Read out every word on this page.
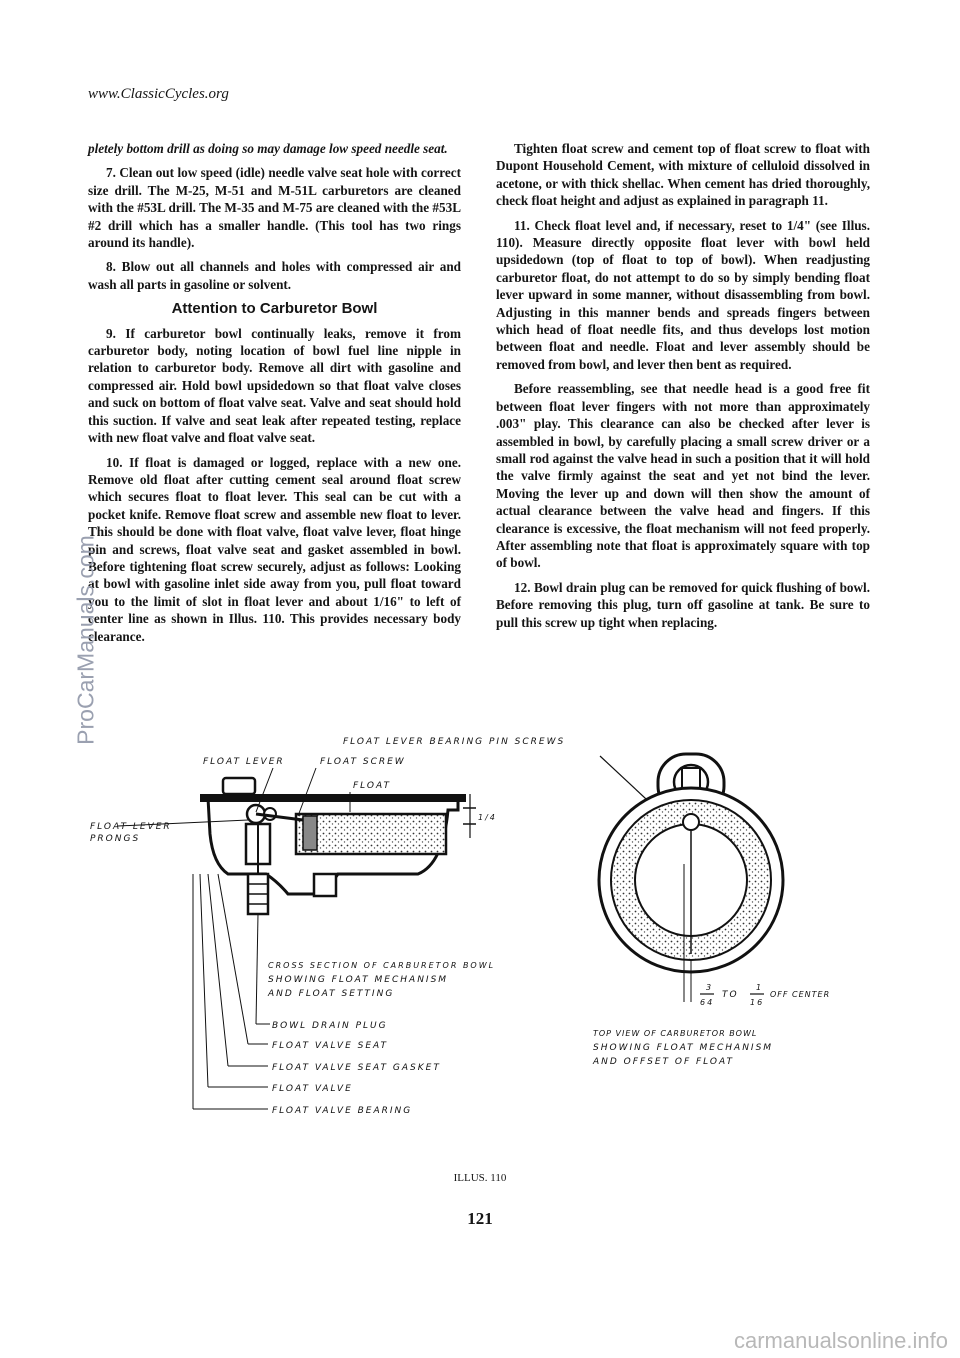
www.ClassicCycles.org

pletely bottom drill as doing so may damage low speed needle seat.

7. Clean out low speed (idle) needle valve seat hole with correct size drill. The M-25, M-51 and M-51L carburetors are cleaned with the #53L drill. The M-35 and M-75 are cleaned with the #53L #2 drill which has a smaller handle. (This tool has two rings around its handle).

8. Blow out all channels and holes with compressed air and wash all parts in gasoline or solvent.

Attention to Carburetor Bowl

9. If carburetor bowl continually leaks, remove it from carburetor body, noting location of bowl fuel line nipple in relation to carburetor body. Remove all dirt with gasoline and compressed air. Hold bowl upsidedown so that float valve closes and suck on bottom of float valve seat. Valve and seat should hold this suction. If valve and seat leak after repeated testing, replace with new float valve and float valve seat.

10. If float is damaged or logged, replace with a new one. Remove old float after cutting cement seal around float screw which secures float to float lever. This seal can be cut with a pocket knife. Remove float screw and assemble new float to lever. This should be done with float valve, float valve lever, float hinge pin and screws, float valve seat and gasket assembled in bowl. Before tightening float screw securely, adjust as follows: Looking at bowl with gasoline inlet side away from you, pull float toward you to the limit of slot in float lever and about 1/16" to left of center line as shown in Illus. 110. This provides necessary body clearance.

Tighten float screw and cement top of float screw to float with Dupont Household Cement, with mixture of celluloid dissolved in acetone, or with thick shellac. When cement has dried thoroughly, check float height and adjust as explained in paragraph 11.

11. Check float level and, if necessary, reset to 1/4" (see Illus. 110). Measure directly opposite float lever with bowl held upsidedown (top of float to top of bowl). When readjusting carburetor float, do not attempt to do so by simply bending float lever upward in some manner, without disassembling from bowl. Adjusting in this manner bends and spreads fingers between which head of float needle fits, and thus develops lost motion between float and needle. Float and lever assembly should be removed from bowl, and lever then bent as required.

Before reassembling, see that needle head is a good free fit between float lever fingers with not more than approximately .003" play. This clearance can also be checked after lever is assembled in bowl, by carefully placing a small screw driver or a small rod against the valve head in such a position that it will hold the valve firmly against the seat and yet not bind the lever. Moving the lever up and down will then show the amount of actual clearance between the valve head and fingers. If this clearance is excessive, the float mechanism will not feed properly. After assembling note that float is approximately square with top of bowl.

12. Bowl drain plug can be removed for quick flushing of bowl. Before removing this plug, turn off gasoline at tank. Be sure to pull this screw up tight when replacing.

ProCarManuals.com	FLOAT LEVER BEARING PIN SCREWS
1/4
FLOAT LEVER	FLOAT SCREW
FLOAT
FLOAT LEVER
PRONGS
CROSS SECTION OF CARBURETOR BOWL
SHOWING FLOAT MECHANISM
AND FLOAT SETTING
BOWL DRAIN PLUG
FLOAT VALVE SEAT
FLOAT VALVE SEAT GASKET
FLOAT VALVE
FLOAT VALVE BEARING
3
64
TO
1
16
OFF CENTER
TOP VIEW OF CARBURETOR BOWL
SHOWING FLOAT MECHANISM
AND OFFSET OF FLOAT
ILLUS. 110
121
carmanualsonline.info
